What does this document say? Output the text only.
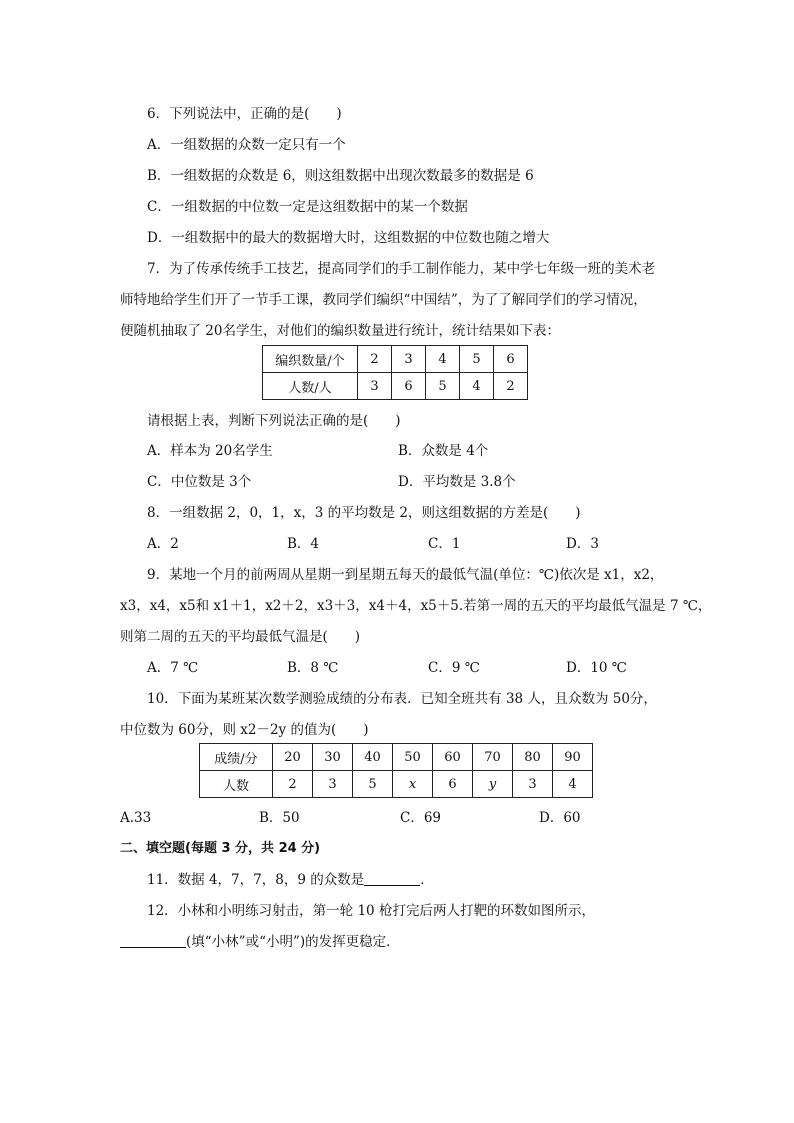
6．下列说法中，正确的是(　　)
A．一组数据的众数一定只有一个
B．一组数据的众数是 6，则这组数据中出现次数最多的数据是 6
C．一组数据的中位数一定是这组数据中的某一个数据
D．一组数据中的最大的数据增大时，这组数据的中位数也随之增大
7．为了传承传统手工技艺，提高同学们的手工制作能力，某中学七年级一班的美术老
师特地给学生们开了一节手工课，教同学们编织“中国结”，为了了解同学们的学习情况，
便随机抽取了 20名学生，对他们的编织数量进行统计，统计结果如下表：
编织数量/个	2	3	4	5	6
人数/人	3	6	5	4	2
请根据上表，判断下列说法正确的是(　　)
A．样本为 20名学生	B．众数是 4个
C．中位数是 3个	D．平均数是 3.8个
8．一组数据 2，0，1，x，3 的平均数是 2，则这组数据的方差是(　　)
A．2	B．4	C．1	D．3
9．某地一个月的前两周从星期一到星期五每天的最低气温(单位：℃)依次是 x1，x2，
x3，x4，x5和 x1＋1，x2＋2，x3＋3，x4＋4，x5＋5.若第一周的五天的平均最低气温是 7 ℃，
则第二周的五天的平均最低气温是(　　)
A．7 ℃	B．8 ℃	C．9 ℃	D．10 ℃
10．下面为某班某次数学测验成绩的分布表．已知全班共有 38 人，且众数为 50分，
中位数为 60分，则 x2－2y 的值为(　　)
成绩/分	20	30	40	50	60	70	80	90
人数	2	3	5	x	6	y	3	4
A.33	B．50	C．69	D．60
二、填空题(每题 3 分，共 24 分)
11．数据 4，7，7，8，9 的众数是	．
12．小林和小明练习射击，第一轮 10 枪打完后两人打靶的环数如图所示，
(填“小林”或“小明”)的发挥更稳定．
